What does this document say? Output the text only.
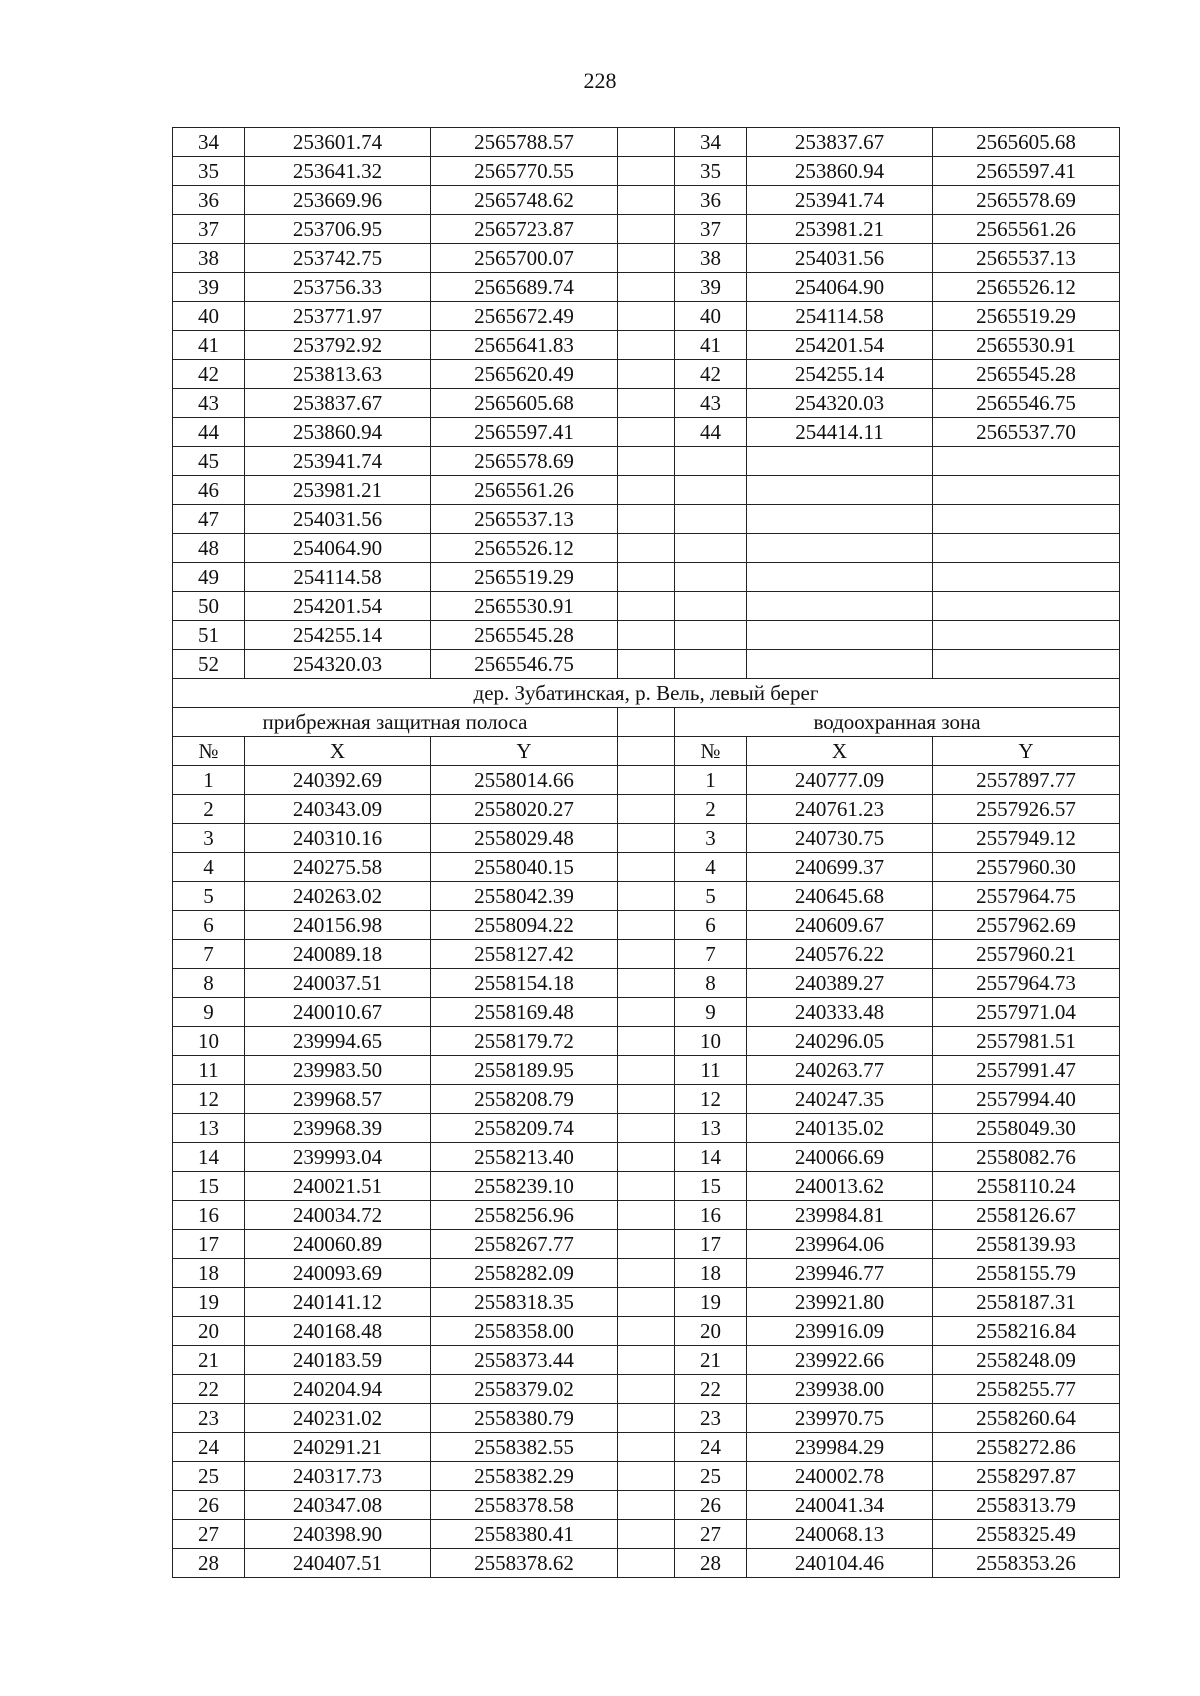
228
34	253601.74	2565788.57		34	253837.67	2565605.68
35	253641.32	2565770.55		35	253860.94	2565597.41
36	253669.96	2565748.62		36	253941.74	2565578.69
37	253706.95	2565723.87		37	253981.21	2565561.26
38	253742.75	2565700.07		38	254031.56	2565537.13
39	253756.33	2565689.74		39	254064.90	2565526.12
40	253771.97	2565672.49		40	254114.58	2565519.29
41	253792.92	2565641.83		41	254201.54	2565530.91
42	253813.63	2565620.49		42	254255.14	2565545.28
43	253837.67	2565605.68		43	254320.03	2565546.75
44	253860.94	2565597.41		44	254414.11	2565537.70
45	253941.74	2565578.69				
46	253981.21	2565561.26				
47	254031.56	2565537.13				
48	254064.90	2565526.12				
49	254114.58	2565519.29				
50	254201.54	2565530.91				
51	254255.14	2565545.28				
52	254320.03	2565546.75				
дер. Зубатинская, р. Вель, левый берег						
прибрежная защитная полоса				водоохранная зона		
№	X	Y		№	X	Y
1	240392.69	2558014.66		1	240777.09	2557897.77
2	240343.09	2558020.27		2	240761.23	2557926.57
3	240310.16	2558029.48		3	240730.75	2557949.12
4	240275.58	2558040.15		4	240699.37	2557960.30
5	240263.02	2558042.39		5	240645.68	2557964.75
6	240156.98	2558094.22		6	240609.67	2557962.69
7	240089.18	2558127.42		7	240576.22	2557960.21
8	240037.51	2558154.18		8	240389.27	2557964.73
9	240010.67	2558169.48		9	240333.48	2557971.04
10	239994.65	2558179.72		10	240296.05	2557981.51
11	239983.50	2558189.95		11	240263.77	2557991.47
12	239968.57	2558208.79		12	240247.35	2557994.40
13	239968.39	2558209.74		13	240135.02	2558049.30
14	239993.04	2558213.40		14	240066.69	2558082.76
15	240021.51	2558239.10		15	240013.62	2558110.24
16	240034.72	2558256.96		16	239984.81	2558126.67
17	240060.89	2558267.77		17	239964.06	2558139.93
18	240093.69	2558282.09		18	239946.77	2558155.79
19	240141.12	2558318.35		19	239921.80	2558187.31
20	240168.48	2558358.00		20	239916.09	2558216.84
21	240183.59	2558373.44		21	239922.66	2558248.09
22	240204.94	2558379.02		22	239938.00	2558255.77
23	240231.02	2558380.79		23	239970.75	2558260.64
24	240291.21	2558382.55		24	239984.29	2558272.86
25	240317.73	2558382.29		25	240002.78	2558297.87
26	240347.08	2558378.58		26	240041.34	2558313.79
27	240398.90	2558380.41		27	240068.13	2558325.49
28	240407.51	2558378.62		28	240104.46	2558353.26
